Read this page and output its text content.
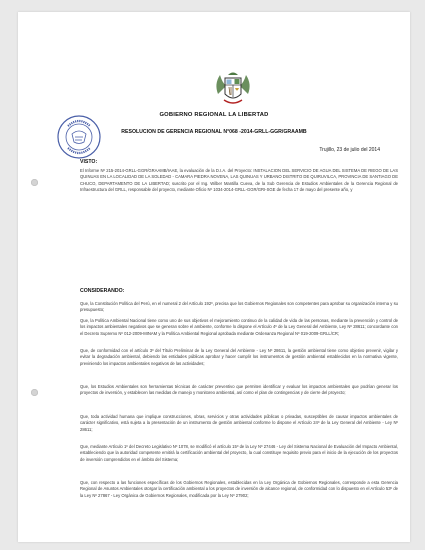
GOBIERNO REGIONAL LA LIBERTAD
RESOLUCION DE GERENCIA REGIONAL N°068 -2014-GRLL-GGR/GRAAMB
Trujillo, 23 de julio del 2014
VISTO:

El Informe Nº 215-2014-GRLL-GGR/GRAAMB/IAAE, la evaluación de la D.I.A. del Proyecto: INSTALACION DEL SERVICIO DE AGUA DEL SISTEMA DE RIEGO DE LAS QUINUAS EN LA LOCALIDAD DE LA SOLEDAD - CAMARA PIEDRA NOVENA, LAS QUINUAS Y URBANO DISTRITO DE QUIRUVILCA, PROVINCIA DE SANTIAGO DE CHUCO, DEPARTAMENTO DE LA LIBERTAD; suscrito por el Ing. Wilber Mantilla Cueva, de la Sub Gerencia de Estudios Ambientales de la Gerencia Regional de Infraestructura del GRLL, responsable del proyecto, mediante Oficio Nº 1034-2014-GRLL-GGR/GRI-SGE de fecha 17 de mayo del presente año, y

CONSIDERANDO:

Que, la Constitución Política del Perú, en el numeral 2 del Artículo 192º, precisa que los Gobiernos Regionales son competentes para aprobar su organización interna y su presupuesto;

Que, la Política Ambiental Nacional tiene como uno de sus objetivos el mejoramiento continuo de la calidad de vida de las personas, mediante la prevención y control de los impactos ambientales negativos que se generan sobre el ambiente, conforme lo dispone el Artículo 4º de la Ley General del Ambiente, Ley Nº 28611; concordante con el Decreto Supremo Nº 012-2009-MINAM y la Política Ambiental Regional aprobada mediante Ordenanza Regional Nº 019-2009-GRLL/CR;

Que, de conformidad con el artículo 3º del Título Preliminar de la Ley General del Ambiente - Ley Nº 28611, la gestión ambiental tiene como objetivo prevenir, vigilar y evitar la degradación ambiental, debiendo las entidades públicas aprobar y hacer cumplir los instrumentos de gestión ambiental establecidos en la normativa vigente, previniendo los impactos ambientales negativos de las actividades;

Que, los Estudios Ambientales son herramientas técnicas de carácter preventivo que permiten identificar y evaluar los impactos ambientales que podrían generar los proyectos de inversión, y establecen las medidas de manejo y monitoreo ambiental, así como el plan de contingencias y de cierre del proyecto;

Que, toda actividad humana que implique construcciones, obras, servicios y otras actividades públicas o privadas, susceptibles de causar impactos ambientales de carácter significativo, está sujeta a la presentación de un instrumento de gestión ambiental conforme lo dispone el Artículo 24º de la Ley General del Ambiente - Ley Nº 28611;

Que, mediante Artículo 1º del Decreto Legislativo Nº 1078, se modificó el artículo 15º de la Ley Nº 27446 - Ley del Sistema Nacional de Evaluación del Impacto Ambiental, estableciendo que la autoridad competente emitirá la certificación ambiental del proyecto, la cual constituye requisito previo para el inicio de la ejecución de los proyectos de inversión comprendidos en el ámbito del Sistema;

Que, con respecto a las funciones específicas de los Gobiernos Regionales, establecidas en la Ley Orgánica de Gobiernos Regionales, corresponde a esta Gerencia Regional de Asuntos Ambientales otorgar la certificación ambiental a los proyectos de inversión de alcance regional, de conformidad con lo dispuesto en el Artículo 53º de la Ley Nº 27867 - Ley Orgánica de Gobiernos Regionales, modificada por la Ley Nº 27902;
